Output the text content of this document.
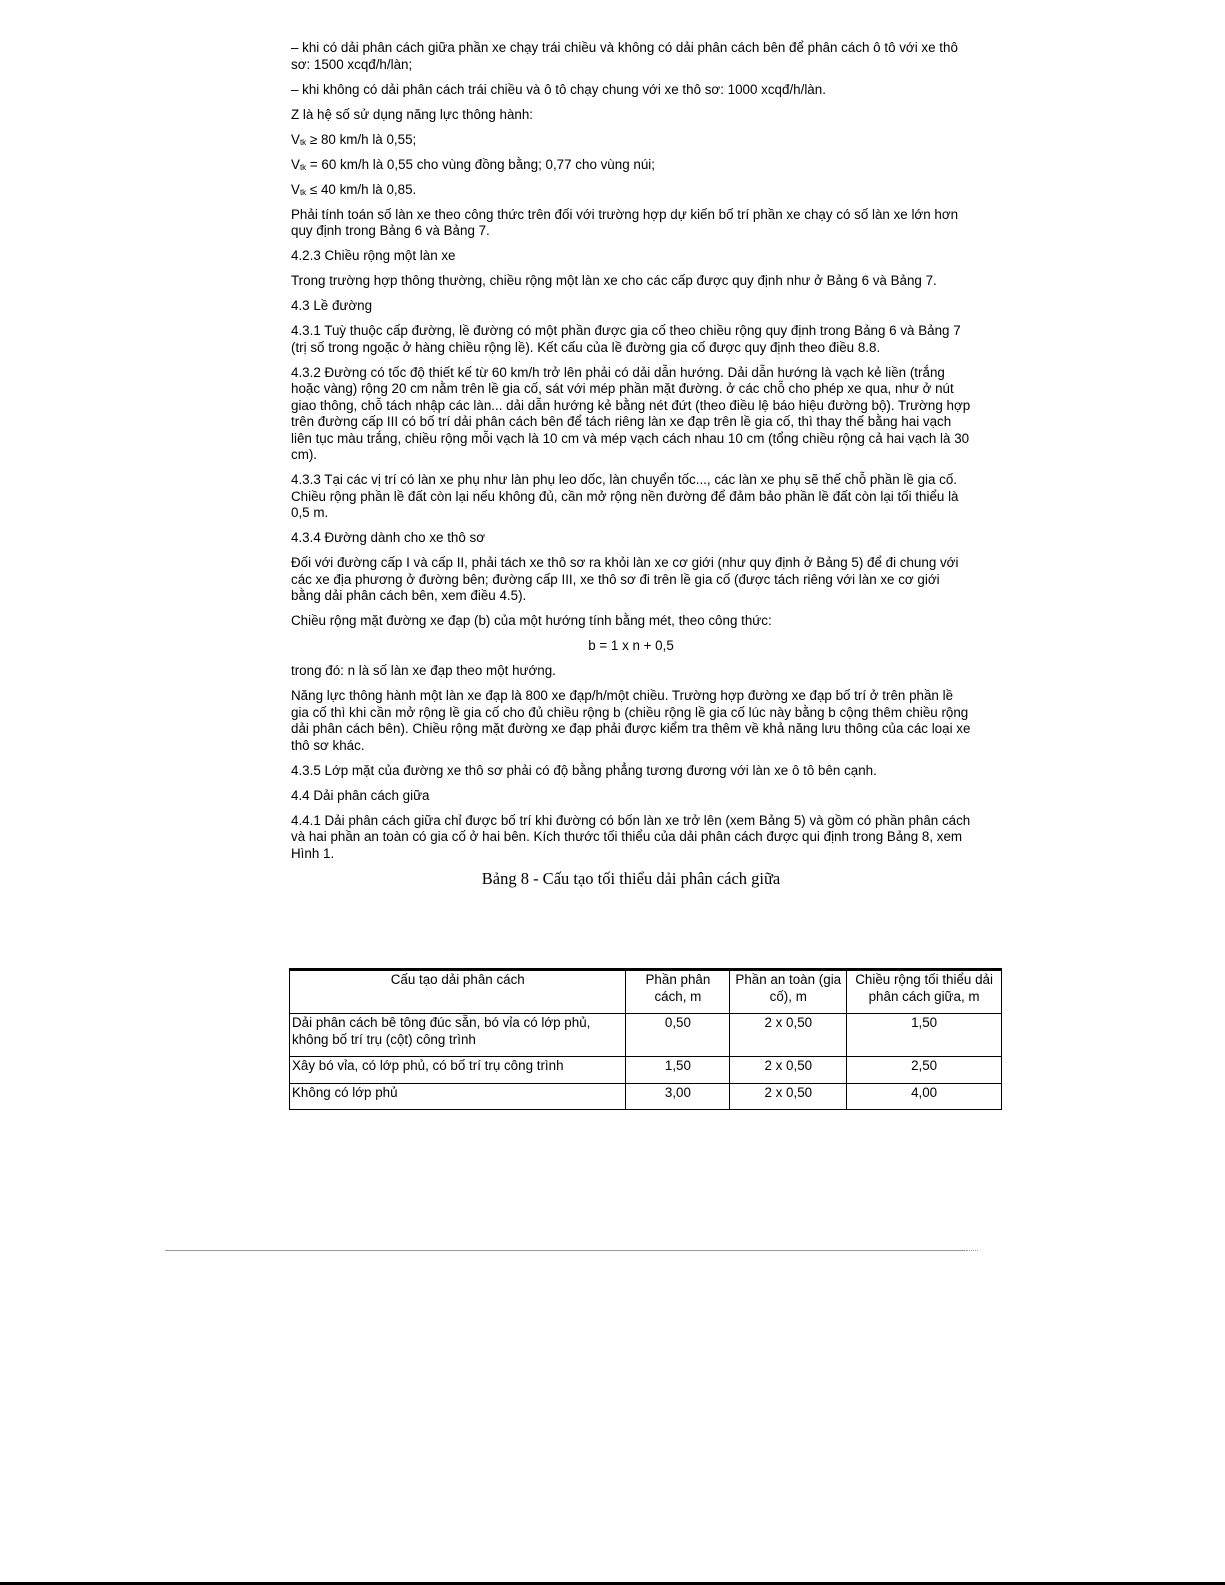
– khi có dải phân cách giữa phần xe chạy trái chiều và không có dải phân cách bên để phân cách ô tô với xe thô sơ: 1500 xcqđ/h/làn;

– khi không có dải phân cách trái chiều và ô tô chạy chung với xe thô sơ: 1000 xcqđ/h/làn.

Z là hệ số sử dụng năng lực thông hành:

$V_{tk} \ge 80$ km/h là 0,55;

$V_{tk} = 60$ km/h là 0,55 cho vùng đồng bằng; 0,77 cho vùng núi;

$V_{tk} \le 40$ km/h là 0,85.

Phải tính toán số làn xe theo công thức trên đối với trường hợp dự kiến bố trí phần xe chạy có số làn xe lớn hơn quy định trong Bảng 6 và Bảng 7.

4.2.3 Chiều rộng một làn xe

Trong trường hợp thông thường, chiều rộng một làn xe cho các cấp được quy định như ở Bảng 6 và Bảng 7.

4.3 Lề đường

4.3.1 Tuỳ thuộc cấp đường, lề đường có một phần được gia cố theo chiều rộng quy định trong Bảng 6 và Bảng 7 (trị số trong ngoặc ở hàng chiều rộng lề). Kết cấu của lề đường gia cố được quy định theo điều 8.8.

4.3.2 Đường có tốc độ thiết kế từ 60 km/h trở lên phải có dải dẫn hướng. Dải dẫn hướng là vạch kẻ liền (trắng hoặc vàng) rộng 20 cm nằm trên lề gia cố, sát với mép phần mặt đường. ở các chỗ cho phép xe qua, như ở nút giao thông, chỗ tách nhập các làn... dải dẫn hướng kẻ bằng nét đứt (theo điều lệ báo hiệu đường bộ). Trường hợp trên đường cấp III có bố trí dải phân cách bên để tách riêng làn xe đạp trên lề gia cố, thì thay thế bằng hai vạch liên tục màu trắng, chiều rộng mỗi vạch là 10 cm và mép vạch cách nhau 10 cm (tổng chiều rộng cả hai vạch là 30 cm).

4.3.3 Tại các vị trí có làn xe phụ như làn phụ leo dốc, làn chuyển tốc..., các làn xe phụ sẽ thế chỗ phần lề gia cố. Chiều rộng phần lề đất còn lại nếu không đủ, cần mở rộng nền đường để đảm bảo phần lề đất còn lại tối thiểu là 0,5 m.

4.3.4 Đường dành cho xe thô sơ

Đối với đường cấp I và cấp II, phải tách xe thô sơ ra khỏi làn xe cơ giới (như quy định ở Bảng 5) để đi chung với các xe địa phương ở đường bên; đường cấp III, xe thô sơ đi trên lề gia cố (được tách riêng với làn xe cơ giới bằng dải phân cách bên, xem điều 4.5).

Chiều rộng mặt đường xe đạp (b) của một hướng tính bằng mét, theo công thức:

b = 1 x n + 0,5

trong đó: n là số làn xe đạp theo một hướng.

Năng lực thông hành một làn xe đạp là 800 xe đạp/h/một chiều. Trường hợp đường xe đạp bố trí ở trên phần lề gia cố thì khi cần mở rộng lề gia cố cho đủ chiều rộng b (chiều rộng lề gia cố lúc này bằng b cộng thêm chiều rộng dải phân cách bên). Chiều rộng mặt đường xe đạp phải được kiểm tra thêm về khả năng lưu thông của các loại xe thô sơ khác.

4.3.5 Lớp mặt của đường xe thô sơ phải có độ bằng phẳng tương đương với làn xe ô tô bên cạnh.

4.4 Dải phân cách giữa

4.4.1 Dải phân cách giữa chỉ được bố trí khi đường có bốn làn xe trở lên (xem Bảng 5) và gồm có phần phân cách và hai phần an toàn có gia cố ở hai bên. Kích thước tối thiểu của dải phân cách được qui định trong Bảng 8, xem Hình 1.

Bảng 8 - Cấu tạo tối thiểu dải phân cách giữa
Cấu tạo dải phân cách	Phần phân cách, m	Phần an toàn (gia cố), m	Chiều rộng tối thiểu dải phân cách giữa, m
Dải phân cách bê tông đúc sẵn, bó vỉa có lớp phủ, không bố trí trụ (cột) công trình	0,50	2 x 0,50	1,50
Xây bó vỉa, có lớp phủ, có bố trí trụ công trình	1,50	2 x 0,50	2,50
Không có lớp phủ	3,00	2 x 0,50	4,00
